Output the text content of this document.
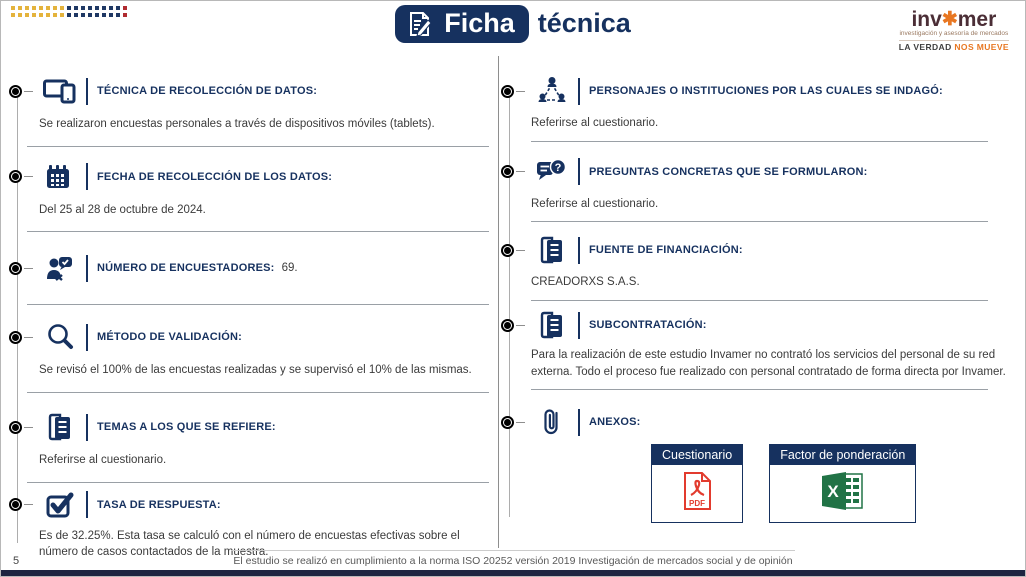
Ficha técnica	inv✱mer
investigación y asesoría de mercados
LA VERDAD NOS MUEVE
TÉCNICA DE RECOLECCIÓN DE DATOS:
Se realizaron encuestas personales a través de dispositivos móviles (tablets).
FECHA DE RECOLECCIÓN DE LOS DATOS:
Del 25 al 28 de octubre de 2024.
NÚMERO DE ENCUESTADORES: 69.
MÉTODO DE VALIDACIÓN:
Se revisó el 100% de las encuestas realizadas y se supervisó el 10% de las mismas.
TEMAS A LOS QUE SE REFIERE:
Referirse al cuestionario.
TASA DE RESPUESTA:
Es de 32.25%. Esta tasa se calculó con el número de encuestas efectivas sobre el número de casos contactados de la muestra.
PERSONAJES O INSTITUCIONES POR LAS CUALES SE INDAGÓ:
Referirse al cuestionario.
?	PREGUNTAS CONCRETAS QUE SE FORMULARON:
Referirse al cuestionario.
FUENTE DE FINANCIACIÓN:
CREADORXS S.A.S.
SUBCONTRATACIÓN:
Para la realización de este estudio Invamer no contrató los servicios del personal de su red externa. Todo el proceso fue realizado con personal contratado de forma directa por Invamer.
ANEXOS:
Cuestionario
PDF
Factor de ponderación
X
5	El estudio se realizó en cumplimiento a la norma ISO 20252 versión 2019 Investigación de mercados social y de opinión
